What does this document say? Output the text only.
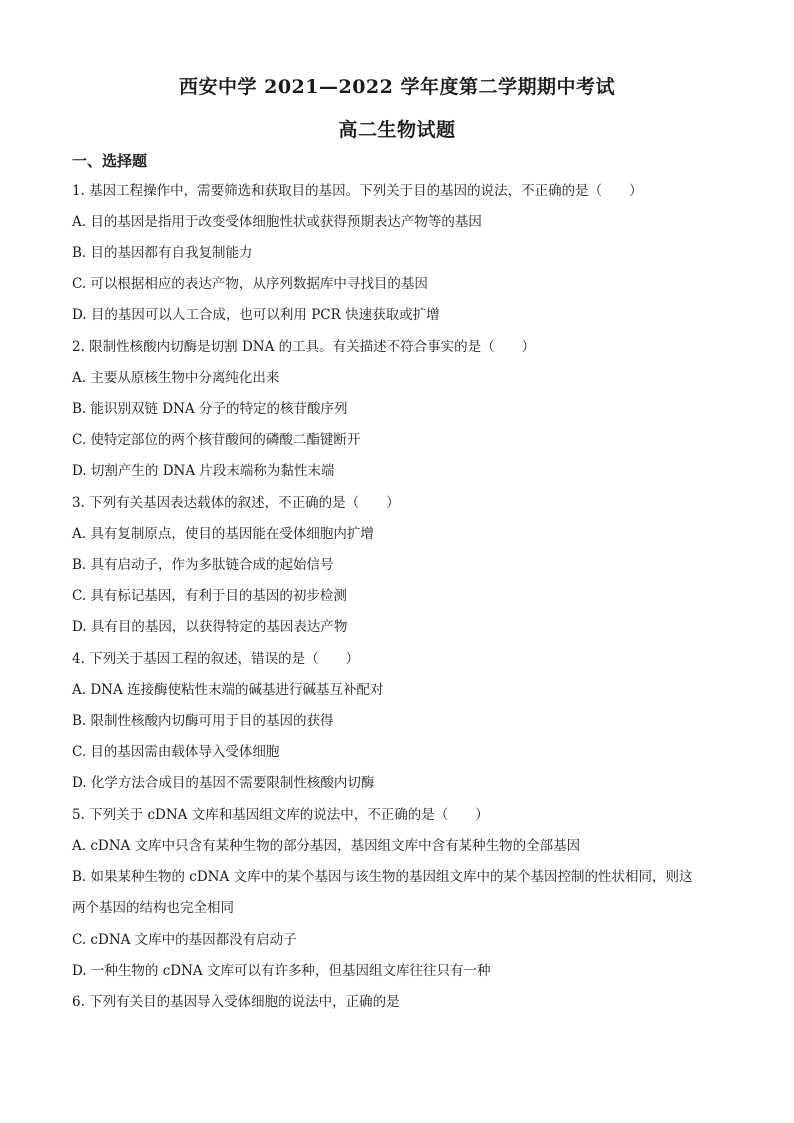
西安中学 2021—2022 学年度第二学期期中考试
高二生物试题
一、选择题
1. 基因工程操作中，需要筛选和获取目的基因。下列关于目的基因的说法，不正确的是（　　）
A. 目的基因是指用于改变受体细胞性状或获得预期表达产物等的基因
B. 目的基因都有自我复制能力
C. 可以根据相应的表达产物，从序列数据库中寻找目的基因
D. 目的基因可以人工合成，也可以利用 PCR 快速获取或扩增
2. 限制性核酸内切酶是切割 DNA 的工具。有关描述不符合事实的是（　　）
A. 主要从原核生物中分离纯化出来
B. 能识别双链 DNA 分子的特定的核苷酸序列
C. 使特定部位的两个核苷酸间的磷酸二酯键断开
D. 切割产生的 DNA 片段末端称为黏性末端
3. 下列有关基因表达载体的叙述，不正确的是（　　）
A. 具有复制原点，使目的基因能在受体细胞内扩增
B. 具有启动子，作为多肽链合成的起始信号
C. 具有标记基因，有利于目的基因的初步检测
D. 具有目的基因，以获得特定的基因表达产物
4. 下列关于基因工程的叙述，错误的是（　　）
A. DNA 连接酶使粘性末端的碱基进行碱基互补配对
B. 限制性核酸内切酶可用于目的基因的获得
C. 目的基因需由载体导入受体细胞
D. 化学方法合成目的基因不需要限制性核酸内切酶
5. 下列关于 cDNA 文库和基因组文库的说法中，不正确的是（　　）
A. cDNA 文库中只含有某种生物的部分基因，基因组文库中含有某种生物的全部基因
B. 如果某种生物的 cDNA 文库中的某个基因与该生物的基因组文库中的某个基因控制的性状相同，则这
两个基因的结构也完全相同
C. cDNA 文库中的基因都没有启动子
D. 一种生物的 cDNA 文库可以有许多种，但基因组文库往往只有一种
6. 下列有关目的基因导入受体细胞的说法中，正确的是
